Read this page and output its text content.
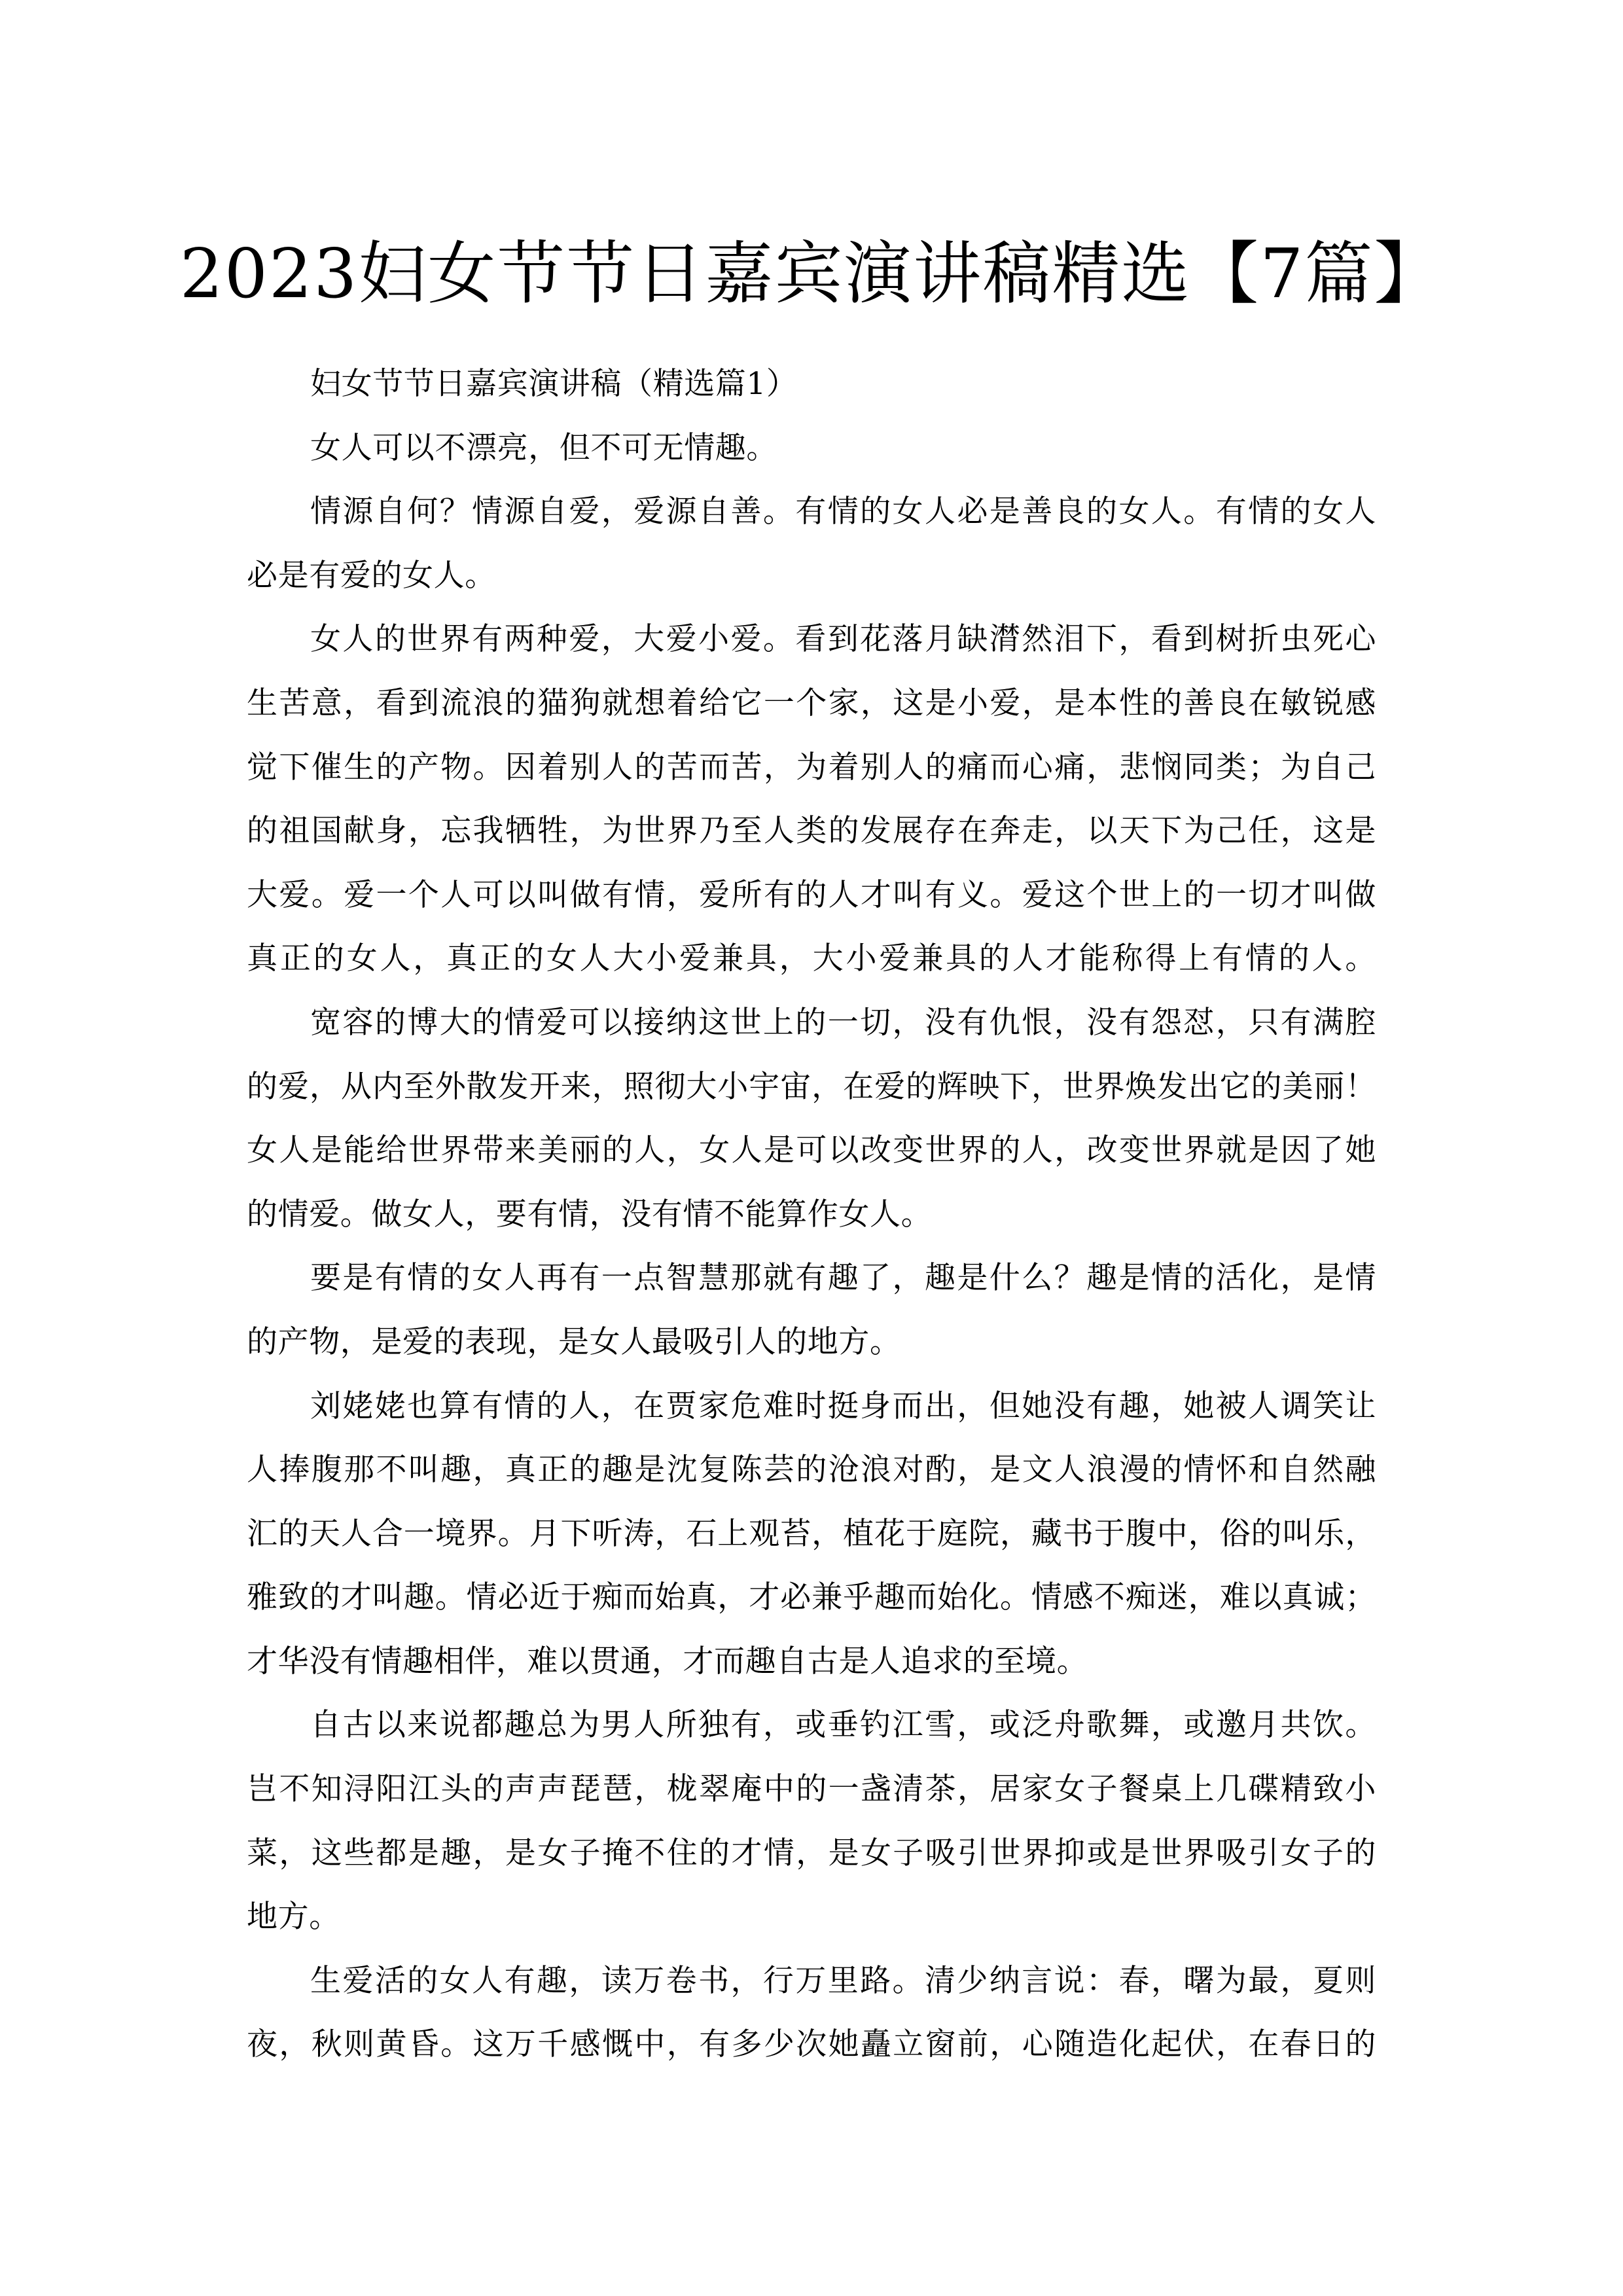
2023妇女节节日嘉宾演讲稿精选【7篇】
妇女节节日嘉宾演讲稿（精选篇1）
女人可以不漂亮，但不可无情趣。
情源自何？情源自爱，爱源自善。有情的女人必是善良的女人。有情的女人
必是有爱的女人。
女人的世界有两种爱，大爱小爱。看到花落月缺潸然泪下，看到树折虫死心
生苦意，看到流浪的猫狗就想着给它一个家，这是小爱，是本性的善良在敏锐感
觉下催生的产物。因着别人的苦而苦，为着别人的痛而心痛，悲悯同类；为自己
的祖国献身，忘我牺牲，为世界乃至人类的发展存在奔走，以天下为己任，这是
大爱。爱一个人可以叫做有情，爱所有的人才叫有义。爱这个世上的一切才叫做
真正的女人，真正的女人大小爱兼具，大小爱兼具的人才能称得上有情的人。
宽容的博大的情爱可以接纳这世上的一切，没有仇恨，没有怨怼，只有满腔
的爱，从内至外散发开来，照彻大小宇宙，在爱的辉映下，世界焕发出它的美丽！
女人是能给世界带来美丽的人，女人是可以改变世界的人，改变世界就是因了她
的情爱。做女人，要有情，没有情不能算作女人。
要是有情的女人再有一点智慧那就有趣了，趣是什么？趣是情的活化，是情
的产物，是爱的表现，是女人最吸引人的地方。
刘姥姥也算有情的人，在贾家危难时挺身而出，但她没有趣，她被人调笑让
人捧腹那不叫趣，真正的趣是沈复陈芸的沧浪对酌，是文人浪漫的情怀和自然融
汇的天人合一境界。月下听涛，石上观苔，植花于庭院，藏书于腹中，俗的叫乐，
雅致的才叫趣。情必近于痴而始真，才必兼乎趣而始化。情感不痴迷，难以真诚；
才华没有情趣相伴，难以贯通，才而趣自古是人追求的至境。
自古以来说都趣总为男人所独有，或垂钓江雪，或泛舟歌舞，或邀月共饮。
岂不知浔阳江头的声声琵琶，栊翠庵中的一盏清茶，居家女子餐桌上几碟精致小
菜，这些都是趣，是女子掩不住的才情，是女子吸引世界抑或是世界吸引女子的
地方。
生爱活的女人有趣，读万卷书，行万里路。清少纳言说：春，曙为最，夏则
夜，秋则黄昏。这万千感慨中，有多少次她矗立窗前，心随造化起伏，在春日的
